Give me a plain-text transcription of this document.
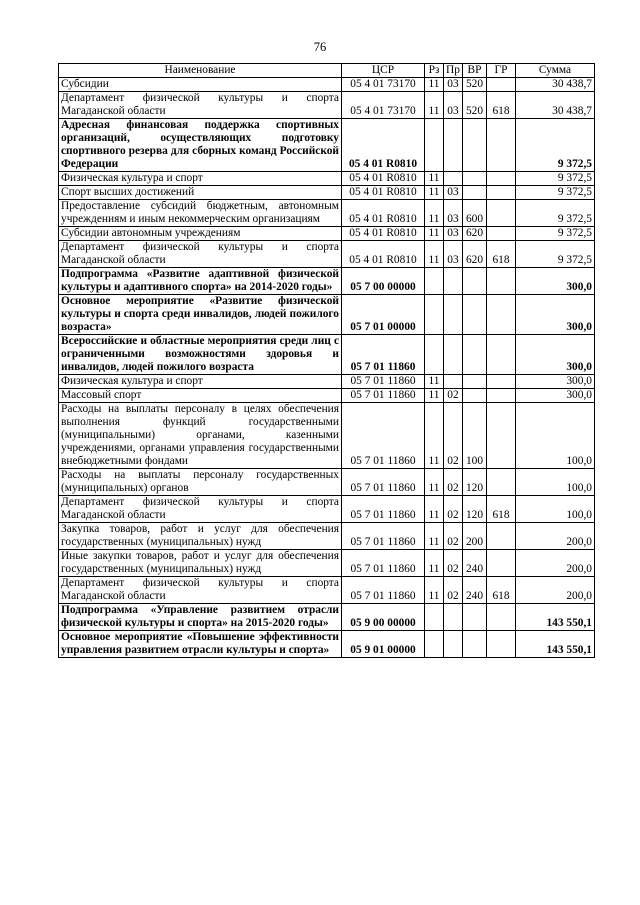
76
Наименование	ЦСР	Рз	Пр	ВР	ГР	Сумма
Субсидии	05 4 01 73170	11	03	520		30 438,7
Департамент физической культуры и спорта Магаданской области	05 4 01 73170	11	03	520	618	30 438,7
Адресная финансовая поддержка спортивных организаций, осуществляющих подготовку спортивного резерва для сборных команд Российской Федерации	05 4 01 R0810					9 372,5
Физическая культура и спорт	05 4 01 R0810	11				9 372,5
Спорт высших достижений	05 4 01 R0810	11	03			9 372,5
Предоставление субсидий бюджетным, автономным учреждениям и иным некоммерческим организациям	05 4 01 R0810	11	03	600		9 372,5
Субсидии автономным учреждениям	05 4 01 R0810	11	03	620		9 372,5
Департамент физической культуры и спорта Магаданской области	05 4 01 R0810	11	03	620	618	9 372,5
Подпрограмма «Развитие адаптивной физической культуры и адаптивного спорта» на 2014-2020 годы»	05 7 00 00000					300,0
Основное мероприятие «Развитие физической культуры и спорта среди инвалидов, людей пожилого возраста»	05 7 01 00000					300,0
Всероссийские и областные мероприятия среди лиц с ограниченными возможностями здоровья и инвалидов, людей пожилого возраста	05 7 01 11860					300,0
Физическая культура и спорт	05 7 01 11860	11				300,0
Массовый спорт	05 7 01 11860	11	02			300,0
Расходы на выплаты персоналу в целях обеспечения выполнения функций государственными (муниципальными) органами, казенными учреждениями, органами управления государственными внебюджетными фондами	05 7 01 11860	11	02	100		100,0
Расходы на выплаты персоналу государственных (муниципальных) органов	05 7 01 11860	11	02	120		100,0
Департамент физической культуры и спорта Магаданской области	05 7 01 11860	11	02	120	618	100,0
Закупка товаров, работ и услуг для обеспечения государственных (муниципальных) нужд	05 7 01 11860	11	02	200		200,0
Иные закупки товаров, работ и услуг для обеспечения государственных (муниципальных) нужд	05 7 01 11860	11	02	240		200,0
Департамент физической культуры и спорта Магаданской области	05 7 01 11860	11	02	240	618	200,0
Подпрограмма «Управление развитием отрасли физической культуры и спорта» на 2015-2020 годы»	05 9 00 00000					143 550,1
Основное мероприятие «Повышение эффективности управления развитием отрасли культуры и спорта»	05 9 01 00000					143 550,1
